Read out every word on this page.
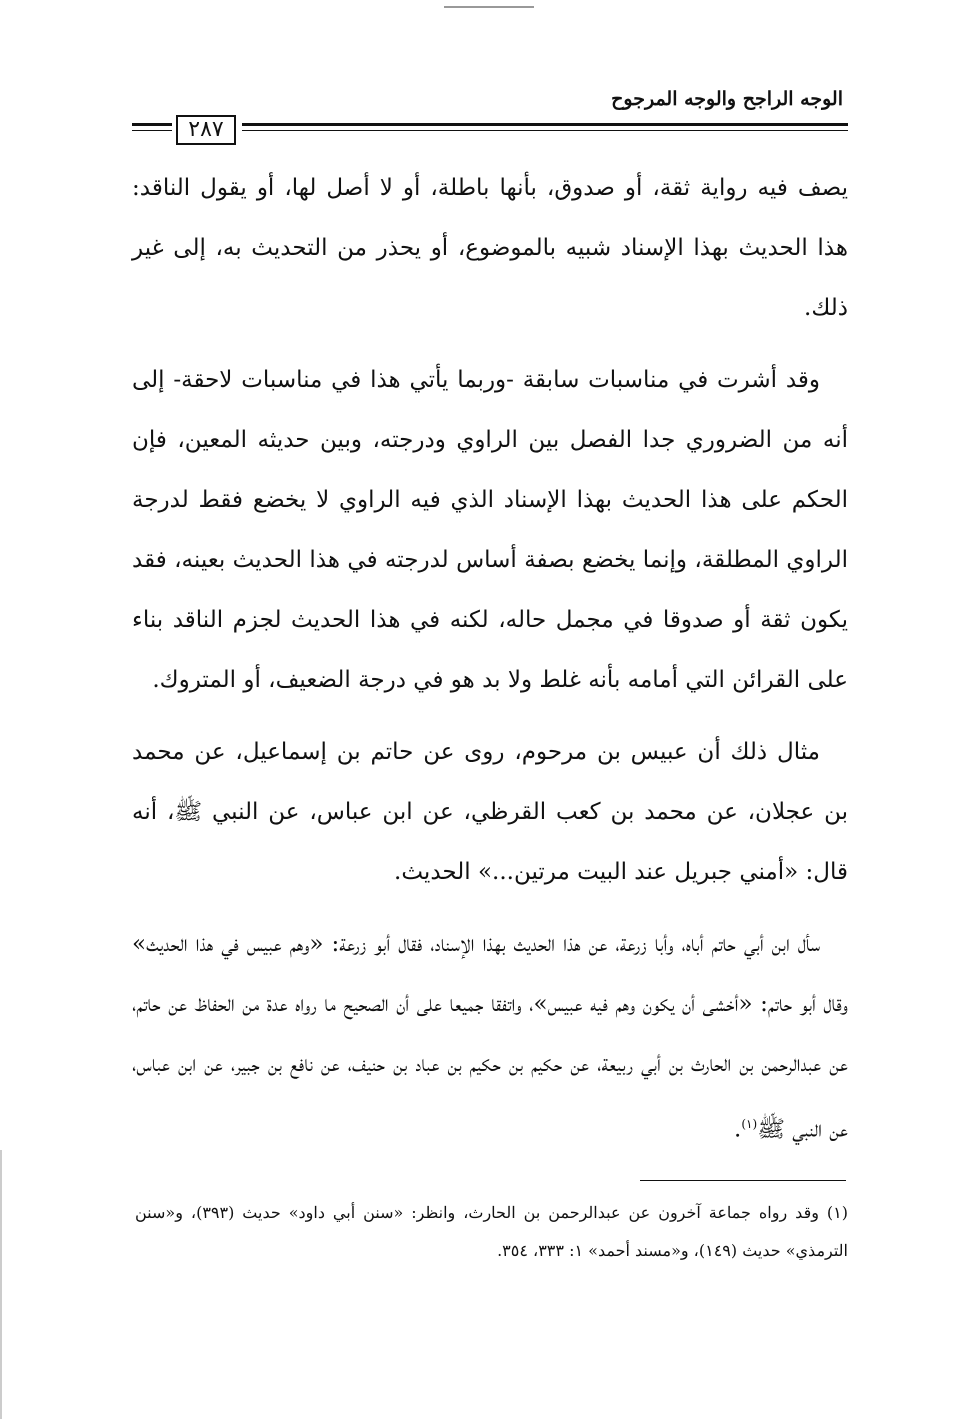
الوجه الراجح والوجه المرجوح
٢٨٧

يصف فيه رواية ثقة، أو صدوق، بأنها باطلة، أو لا أصل لها، أو يقول الناقد: هذا الحديث بهذا الإسناد شبيه بالموضوع، أو يحذر من التحديث به، إلى غير ذلك.

وقد أشرت في مناسبات سابقة -وربما يأتي هذا في مناسبات لاحقة- إلى أنه من الضروري جدا الفصل بين الراوي ودرجته، وبين حديثه المعين، فإن الحكم على هذا الحديث بهذا الإسناد الذي فيه الراوي لا يخضع فقط لدرجة الراوي المطلقة، وإنما يخضع بصفة أساس لدرجته في هذا الحديث بعينه، فقد يكون ثقة أو صدوقا في مجمل حاله، لكنه في هذا الحديث لجزم الناقد بناء على القرائن التي أمامه بأنه غلط ولا بد هو في درجة الضعيف، أو المتروك.

مثال ذلك أن عبيس بن مرحوم، روى عن حاتم بن إسماعيل، عن محمد بن عجلان، عن محمد بن كعب القرظي، عن ابن عباس، عن النبي ﷺ، أنه قال: «أمني جبريل عند البيت مرتين...» الحديث.

سأل ابن أبي حاتم أباه، وأبا زرعة، عن هذا الحديث بهذا الإسناد، فقال أبو زرعة: «وهم عبيس في هذا الحديث» وقال أبو حاتم: «أخشى أن يكون وهم فيه عبيس»، واتفقا جميعا على أن الصحيح ما رواه عدة من الحفاظ عن حاتم، عن عبدالرحمن بن الحارث بن أبي ربيعة، عن حكيم بن حكيم بن عباد بن حنيف، عن نافع بن جبير، عن ابن عباس، عن النبي ﷺ$^{(١)}$.

(١) وقد رواه جماعة آخرون عن عبدالرحمن بن الحارث، وانظر: «سنن أبي داود» حديث (٣٩٣)، و«سنن الترمذي» حديث (١٤٩)، و«مسند أحمد» ١: ٣٣٣، ٣٥٤.
